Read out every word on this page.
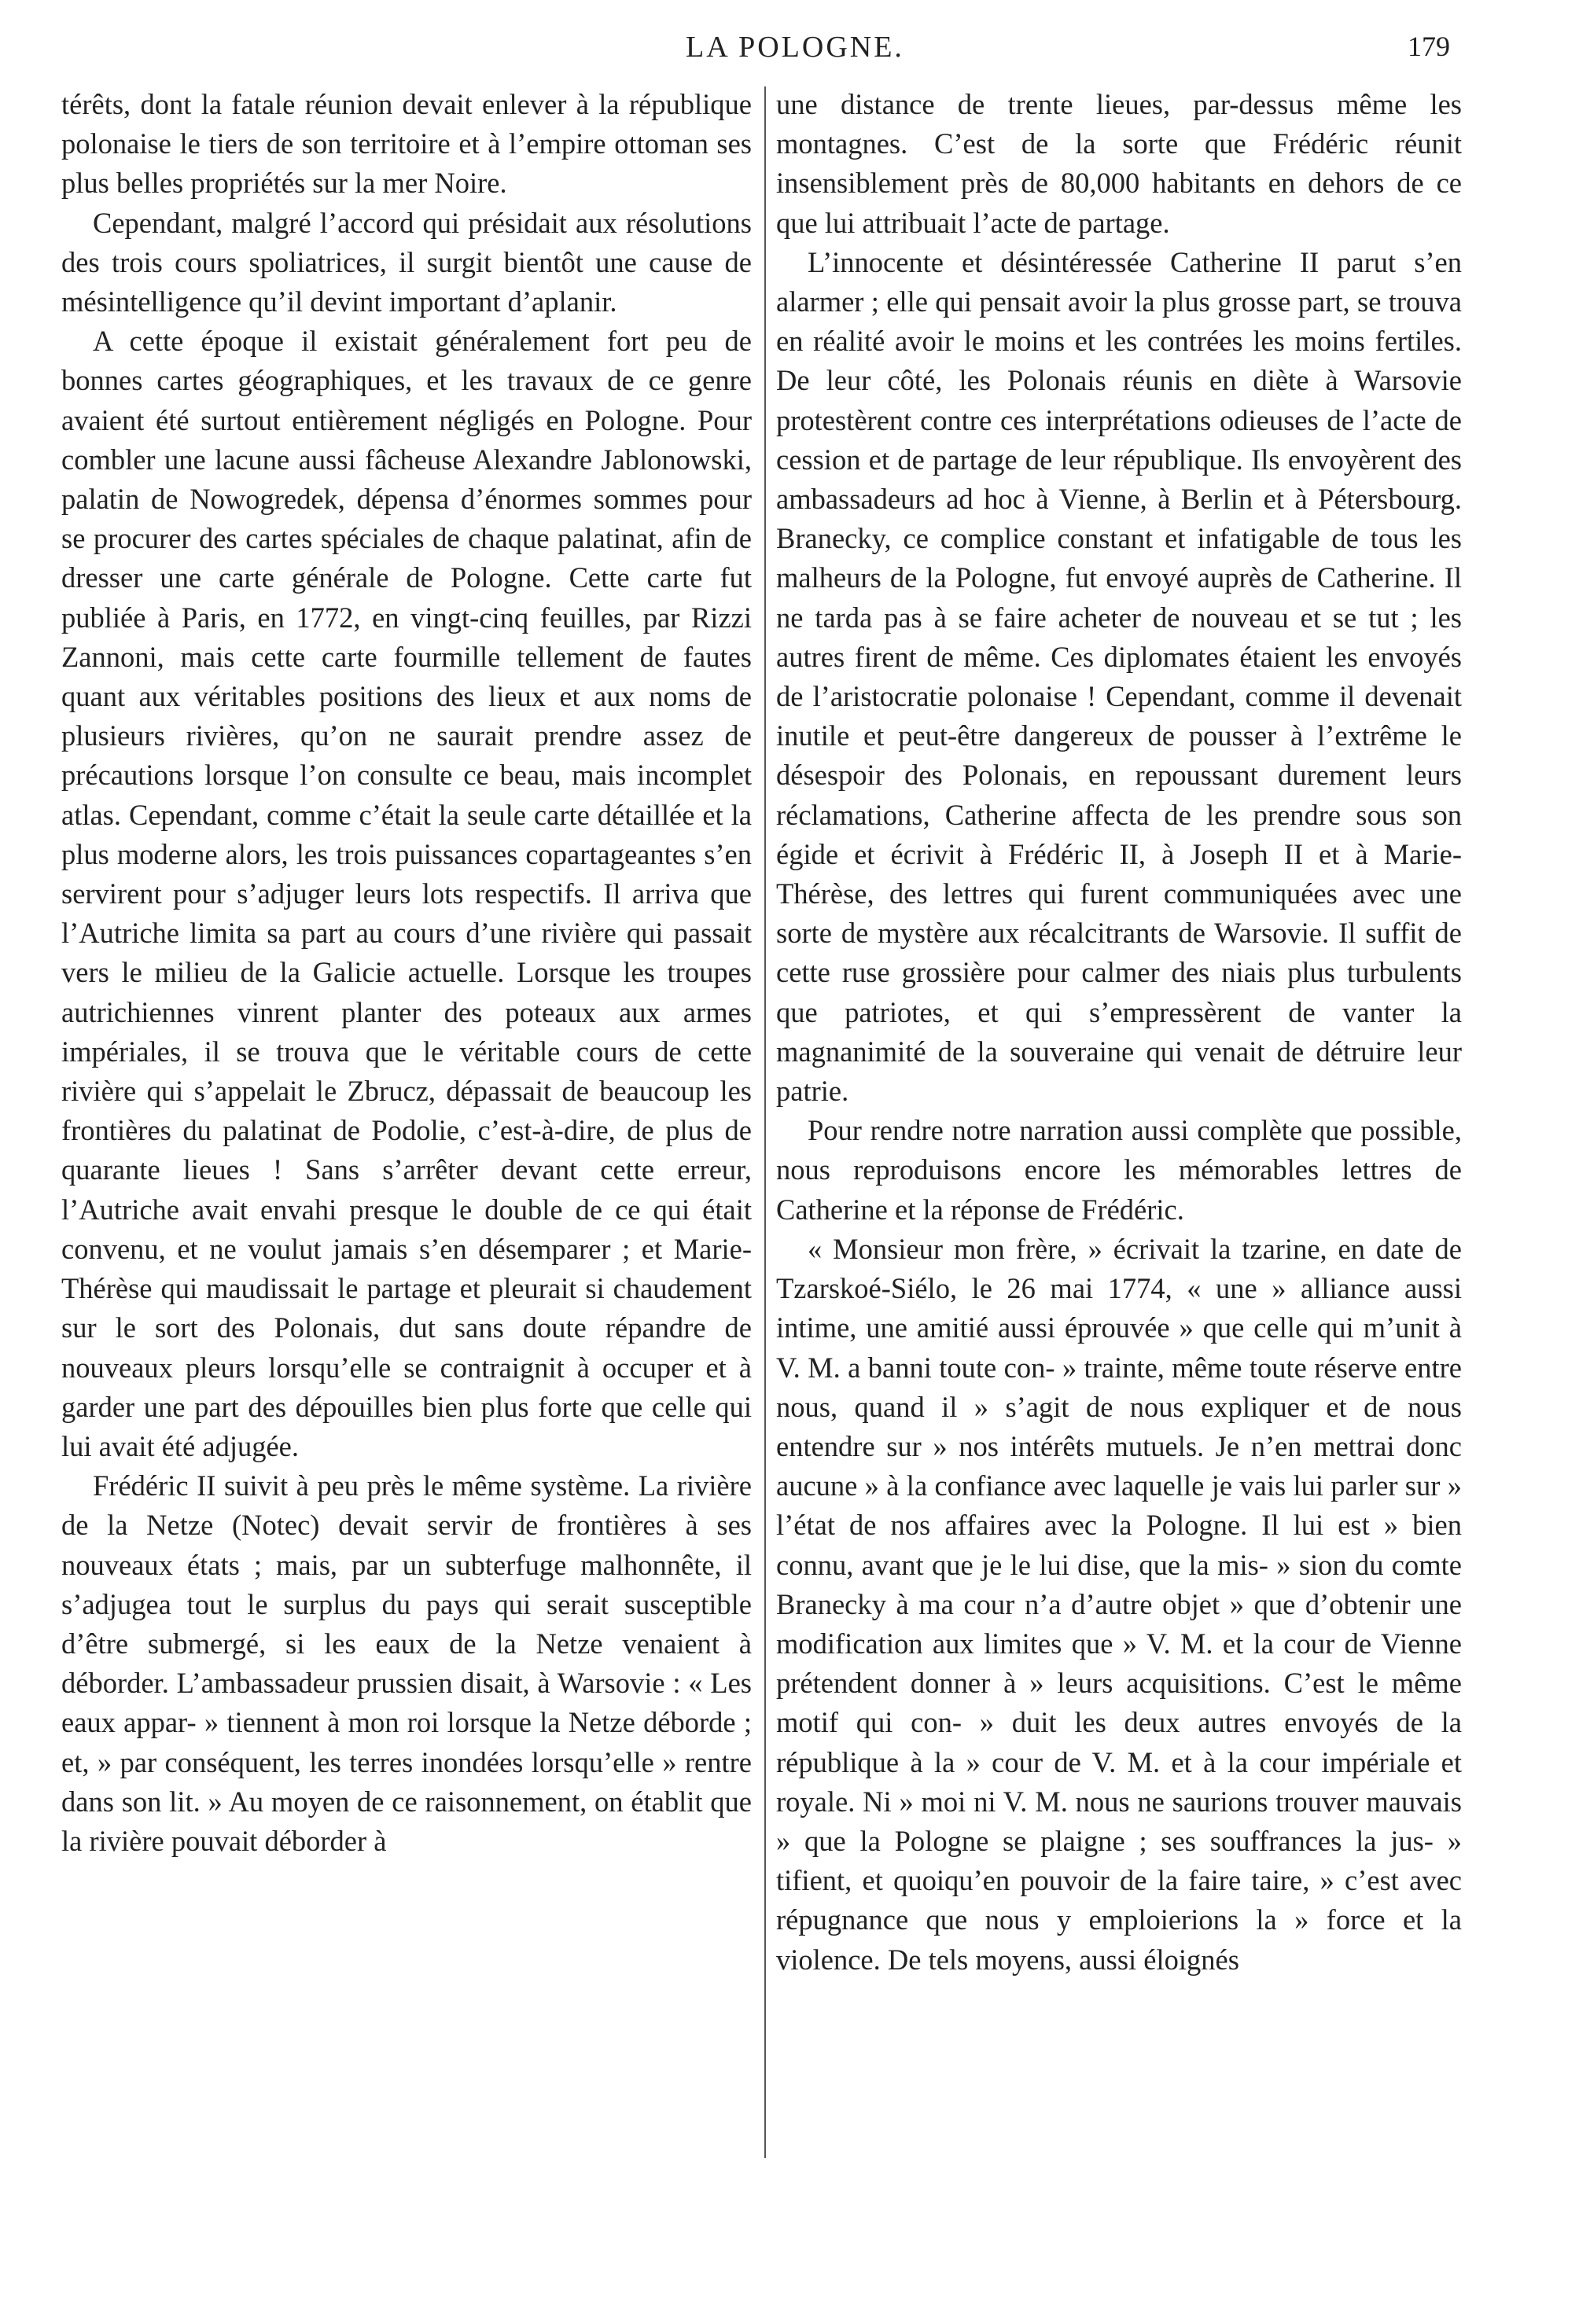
LA POLOGNE.	179

térêts, dont la fatale réunion devait enlever à la république polonaise le tiers de son territoire et à l’empire ottoman ses plus belles propriétés sur la mer Noire.

Cependant, malgré l’accord qui présidait aux résolutions des trois cours spoliatrices, il surgit bientôt une cause de mésintelligence qu’il devint important d’aplanir.

A cette époque il existait généralement fort peu de bonnes cartes géographiques, et les travaux de ce genre avaient été surtout entièrement négligés en Pologne. Pour combler une lacune aussi fâcheuse Alexandre Jablonowski, palatin de Nowogredek, dépensa d’énormes sommes pour se procurer des cartes spéciales de chaque palatinat, afin de dresser une carte générale de Pologne. Cette carte fut publiée à Paris, en 1772, en vingt-cinq feuilles, par Rizzi Zannoni, mais cette carte fourmille tellement de fautes quant aux véritables positions des lieux et aux noms de plusieurs rivières, qu’on ne saurait prendre assez de précautions lorsque l’on consulte ce beau, mais incomplet atlas. Cependant, comme c’était la seule carte détaillée et la plus moderne alors, les trois puissances copartageantes s’en servirent pour s’adjuger leurs lots respectifs. Il arriva que l’Autriche limita sa part au cours d’une rivière qui passait vers le milieu de la Galicie actuelle. Lorsque les troupes autrichiennes vinrent planter des poteaux aux armes impériales, il se trouva que le véritable cours de cette rivière qui s’appelait le Zbrucz, dépassait de beaucoup les frontières du palatinat de Podolie, c’est-à-dire, de plus de quarante lieues ! Sans s’arrêter devant cette erreur, l’Autriche avait envahi presque le double de ce qui était convenu, et ne voulut jamais s’en désemparer ; et Marie-Thérèse qui maudissait le partage et pleurait si chaudement sur le sort des Polonais, dut sans doute répandre de nouveaux pleurs lorsqu’elle se contraignit à occuper et à garder une part des dépouilles bien plus forte que celle qui lui avait été adjugée.

Frédéric II suivit à peu près le même système. La rivière de la Netze (Notec) devait servir de frontières à ses nouveaux états ; mais, par un subterfuge malhonnête, il s’adjugea tout le surplus du pays qui serait susceptible d’être submergé, si les eaux de la Netze venaient à déborder. L’ambassadeur prussien disait, à Warsovie : « Les eaux appar- » tiennent à mon roi lorsque la Netze déborde ; et, » par conséquent, les terres inondées lorsqu’elle » rentre dans son lit. » Au moyen de ce raisonnement, on établit que la rivière pouvait déborder à

une distance de trente lieues, par-dessus même les montagnes. C’est de la sorte que Frédéric réunit insensiblement près de 80,000 habitants en dehors de ce que lui attribuait l’acte de partage.

L’innocente et désintéressée Catherine II parut s’en alarmer ; elle qui pensait avoir la plus grosse part, se trouva en réalité avoir le moins et les contrées les moins fertiles. De leur côté, les Polonais réunis en diète à Warsovie protestèrent contre ces interprétations odieuses de l’acte de cession et de partage de leur république. Ils envoyèrent des ambassadeurs ad hoc à Vienne, à Berlin et à Pétersbourg. Branecky, ce complice constant et infatigable de tous les malheurs de la Pologne, fut envoyé auprès de Catherine. Il ne tarda pas à se faire acheter de nouveau et se tut ; les autres firent de même. Ces diplomates étaient les envoyés de l’aristocratie polonaise ! Cependant, comme il devenait inutile et peut-être dangereux de pousser à l’extrême le désespoir des Polonais, en repoussant durement leurs réclamations, Catherine affecta de les prendre sous son égide et écrivit à Frédéric II, à Joseph II et à Marie-Thérèse, des lettres qui furent communiquées avec une sorte de mystère aux récalcitrants de Warsovie. Il suffit de cette ruse grossière pour calmer des niais plus turbulents que patriotes, et qui s’empressèrent de vanter la magnanimité de la souveraine qui venait de détruire leur patrie.

Pour rendre notre narration aussi complète que possible, nous reproduisons encore les mémorables lettres de Catherine et la réponse de Frédéric.

« Monsieur mon frère, » écrivait la tzarine, en date de Tzarskoé-Siélo, le 26 mai 1774, « une » alliance aussi intime, une amitié aussi éprouvée » que celle qui m’unit à V. M. a banni toute con- » trainte, même toute réserve entre nous, quand il » s’agit de nous expliquer et de nous entendre sur » nos intérêts mutuels. Je n’en mettrai donc aucune » à la confiance avec laquelle je vais lui parler sur » l’état de nos affaires avec la Pologne. Il lui est » bien connu, avant que je le lui dise, que la mis- » sion du comte Branecky à ma cour n’a d’autre objet » que d’obtenir une modification aux limites que » V. M. et la cour de Vienne prétendent donner à » leurs acquisitions. C’est le même motif qui con- » duit les deux autres envoyés de la république à la » cour de V. M. et à la cour impériale et royale. Ni » moi ni V. M. nous ne saurions trouver mauvais » que la Pologne se plaigne ; ses souffrances la jus- » tifient, et quoiqu’en pouvoir de la faire taire, » c’est avec répugnance que nous y emploierions la » force et la violence. De tels moyens, aussi éloignés
